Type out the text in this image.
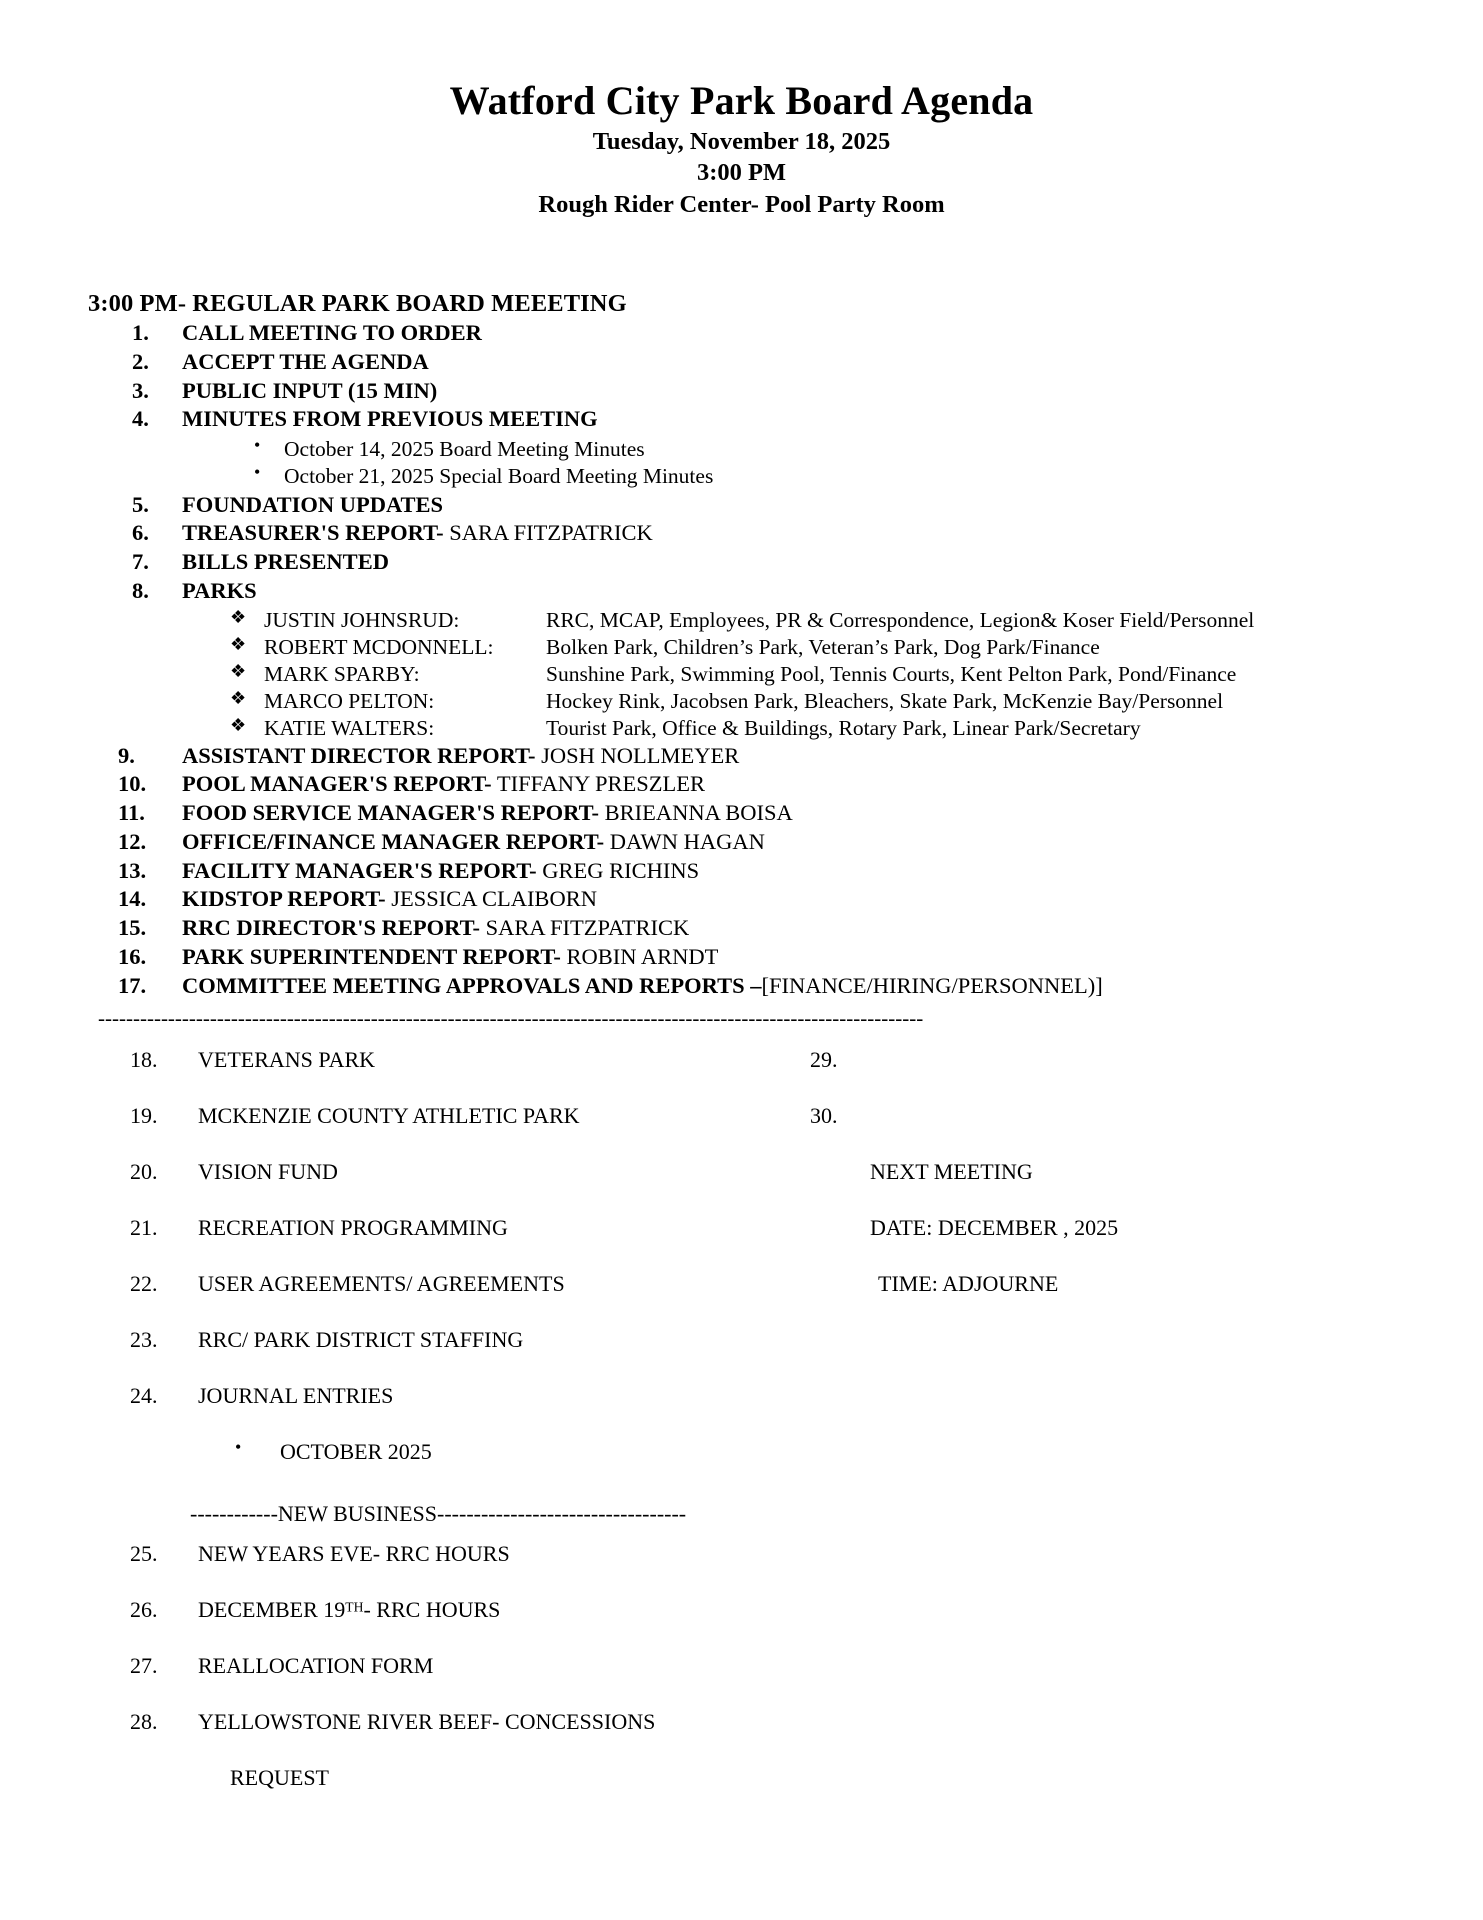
Watford City Park Board Agenda
Tuesday, November 18, 2025
3:00 PM
Rough Rider Center- Pool Party Room
3:00 PM- REGULAR PARK BOARD MEEETING
1.	CALL MEETING TO ORDER
2.	ACCEPT THE AGENDA
3.	PUBLIC INPUT (15 MIN)
4.	MINUTES FROM PREVIOUS MEETING
• October 14, 2025 Board Meeting Minutes
• October 21, 2025 Special Board Meeting Minutes
5.	FOUNDATION UPDATES
6.	TREASURER'S REPORT- SARA FITZPATRICK
7.	BILLS PRESENTED
8.	PARKS
❖ JUSTIN JOHNSRUD:	RRC, MCAP, Employees, PR & Correspondence, Legion& Koser Field/Personnel
❖ ROBERT MCDONNELL: Bolken Park, Children’s Park, Veteran’s Park, Dog Park/Finance
❖ MARK SPARBY:	Sunshine Park, Swimming Pool, Tennis Courts, Kent Pelton Park, Pond/Finance
❖ MARCO PELTON:	Hockey Rink, Jacobsen Park, Bleachers, Skate Park, McKenzie Bay/Personnel
❖ KATIE WALTERS:	Tourist Park, Office & Buildings, Rotary Park, Linear Park/Secretary
9.	ASSISTANT DIRECTOR REPORT- JOSH NOLLMEYER
10.	POOL MANAGER'S REPORT- TIFFANY PRESZLER
11.	FOOD SERVICE MANAGER'S REPORT- BRIEANNA BOISA
12.	OFFICE/FINANCE MANAGER REPORT- DAWN HAGAN
13.	FACILITY MANAGER'S REPORT- GREG RICHINS
14.	KIDSTOP REPORT- JESSICA CLAIBORN
15.	RRC DIRECTOR'S REPORT- SARA FITZPATRICK
16.	PARK SUPERINTENDENT REPORT- ROBIN ARNDT
17.	COMMITTEE MEETING APPROVALS AND REPORTS –[FINANCE/HIRING/PERSONNEL)]
----------------------------------------------------------------------------------------------------------------------
18.	VETERANS PARK	29.
19.	MCKENZIE COUNTY ATHLETIC PARK	30.
20.	VISION FUND	NEXT MEETING
21.	RECREATION PROGRAMMING	DATE: DECEMBER , 2025
22.	USER AGREEMENTS/ AGREEMENTS	TIME: ADJOURNE
23.	RRC/ PARK DISTRICT STAFFING
24.	JOURNAL ENTRIES
• OCTOBER 2025
------------NEW BUSINESS----------------------------------
25.	NEW YEARS EVE- RRC HOURS
26.	DECEMBER 19TH- RRC HOURS
27.	REALLOCATION FORM
28.	YELLOWSTONE RIVER BEEF- CONCESSIONS
REQUEST
